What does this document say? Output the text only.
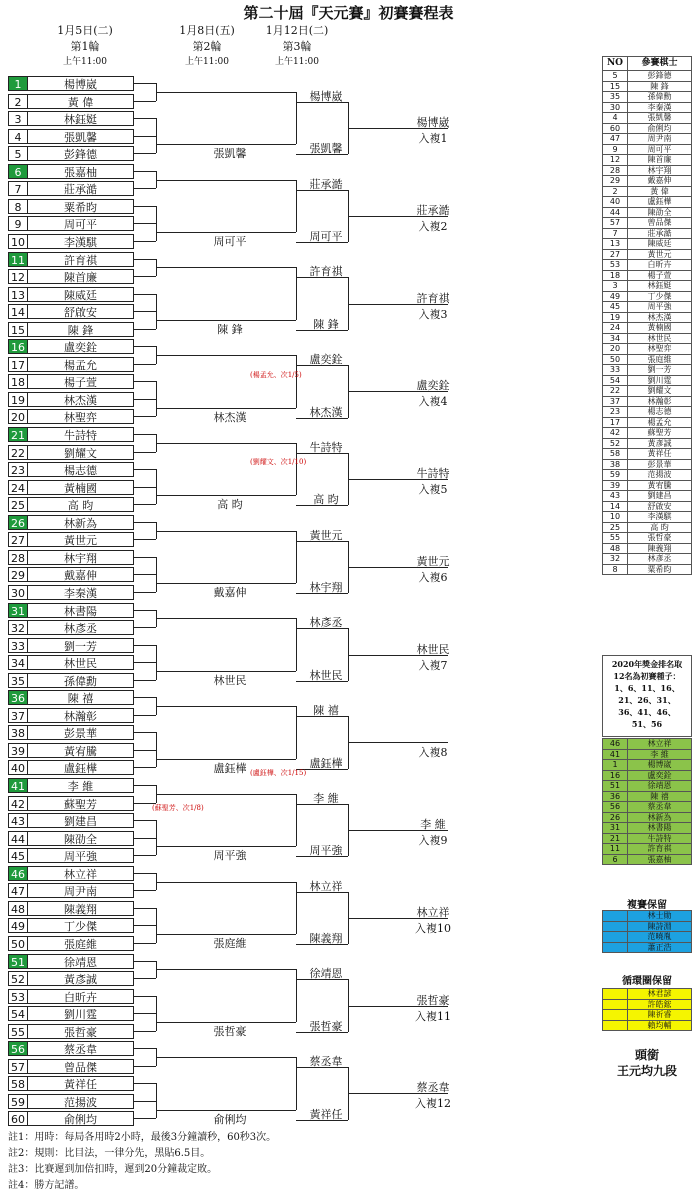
第二十屆『天元賽』初賽賽程表
1月5日(二)
第1輪
上午11:00
1月8日(五)
第2輪
上午11:00
1月12日(二)
第3輪
上午11:00
1	楊博崴
2	黃 偉
3	林鈺娗
4	張凱馨
5	彭鋒德
6	張嘉柚
7	莊承澔
8	粟希昀
9	周可平
10	李漢騏
11	許育祺
12	陳首廉
13	陳威廷
14	舒啟安
15	陳 鋒
16	盧奕銓
17	楊孟允
18	楊子萱
19	林杰漢
20	林聖弈
21	牛詩特
22	劉耀文
23	楊志德
24	黃楠國
25	高 昀
26	林新為
27	黃世元
28	林宇翔
29	戴嘉伸
30	李秦漢
31	林書陽
32	林彥丞
33	劉一芳
34	林世民
35	孫偉勳
36	陳 禧
37	林瀚彰
38	彭景華
39	黃宥騰
40	盧鈺樺
41	李 維
42	蘇聖芳
43	劉建昌
44	陳劭全
45	周平強
46	林立祥
47	周尹南
48	陳義翔
49	丁少傑
50	張庭維
51	徐靖恩
52	黃彥誠
53	白昕卉
54	劉川霆
55	張哲豪
56	蔡丞韋
57	曾品傑
58	黃祥任
59	范揚波
60	俞俐均
張凱馨
楊博崴
張凱馨
楊博崴
入複1
周可平
莊承澔
周可平
莊承澔
入複2
陳 鋒
許育祺
陳 鋒
許育祺
入複3
林杰漢
盧奕銓
林杰漢
盧奕銓
入複4
高 昀
牛詩特
高 昀
牛詩特
入複5
戴嘉伸
黃世元
林宇翔
黃世元
入複6
林世民
林彥丞
林世民
林世民
入複7
盧鈺樺
陳 禧
盧鈺樺
入複8
周平強
李 維
周平強
李 維
入複9
張庭維
林立祥
陳義翔
林立祥
入複10
張哲豪
徐靖恩
張哲豪
張哲豪
入複11
俞俐均
蔡丞韋
黃祥任
蔡丞韋
入複12
(楊孟允、次1/5)
(劉耀文、次1/10)
(盧鈺樺、次1/15)
(蘇聖芳、次1/8)
註1：用時：每局各用時2小時，最後3分鐘讀秒，60秒3次。
註2：規則：比目法，一律分先，黑貼6.5目。
註3：比賽遲到加倍扣時，遲到20分鐘裁定敗。
註4：勝方記譜。
NO	參賽棋士
5	彭鋒德
15	陳 鋒
35	孫偉勳
30	李秦漢
4	張凱馨
60	俞俐均
47	周尹南
9	周可平
12	陳首廉
28	林宇翔
29	戴嘉伸
2	黃 偉
40	盧鈺樺
44	陳劭全
57	曾品傑
7	莊承澔
13	陳威廷
27	黃世元
53	白昕卉
18	楊子萱
3	林鈺娗
49	丁少傑
45	周平強
19	林杰漢
24	黃楠國
34	林世民
20	林聖弈
50	張庭維
33	劉一芳
54	劉川霆
22	劉耀文
37	林瀚彰
23	楊志德
17	楊孟允
42	蘇聖芳
52	黃彥誠
58	黃祥任
38	彭景華
59	范揚波
39	黃宥騰
43	劉建昌
14	舒啟安
10	李漢騏
25	高 昀
55	張哲豪
48	陳義翔
32	林彥丞
8	粟希昀
2020年獎金排名取
12名為初賽種子：
1、6、11、16、
21、26、31、
36、41、46、
51、56
46	林立祥
41	李 維
1	楊博崴
16	盧奕銓
51	徐靖恩
36	陳 禧
56	蔡丞韋
26	林新為
31	林書陽
21	牛詩特
11	許育祺
6	張嘉柚
複賽保留
	林士勛
	陳詩淵
	范曉胤
	蕭正浩
循環圈保留
	林君諺
	許皓鋐
	陳祈睿
	賴均輔
頭銜
王元均九段
